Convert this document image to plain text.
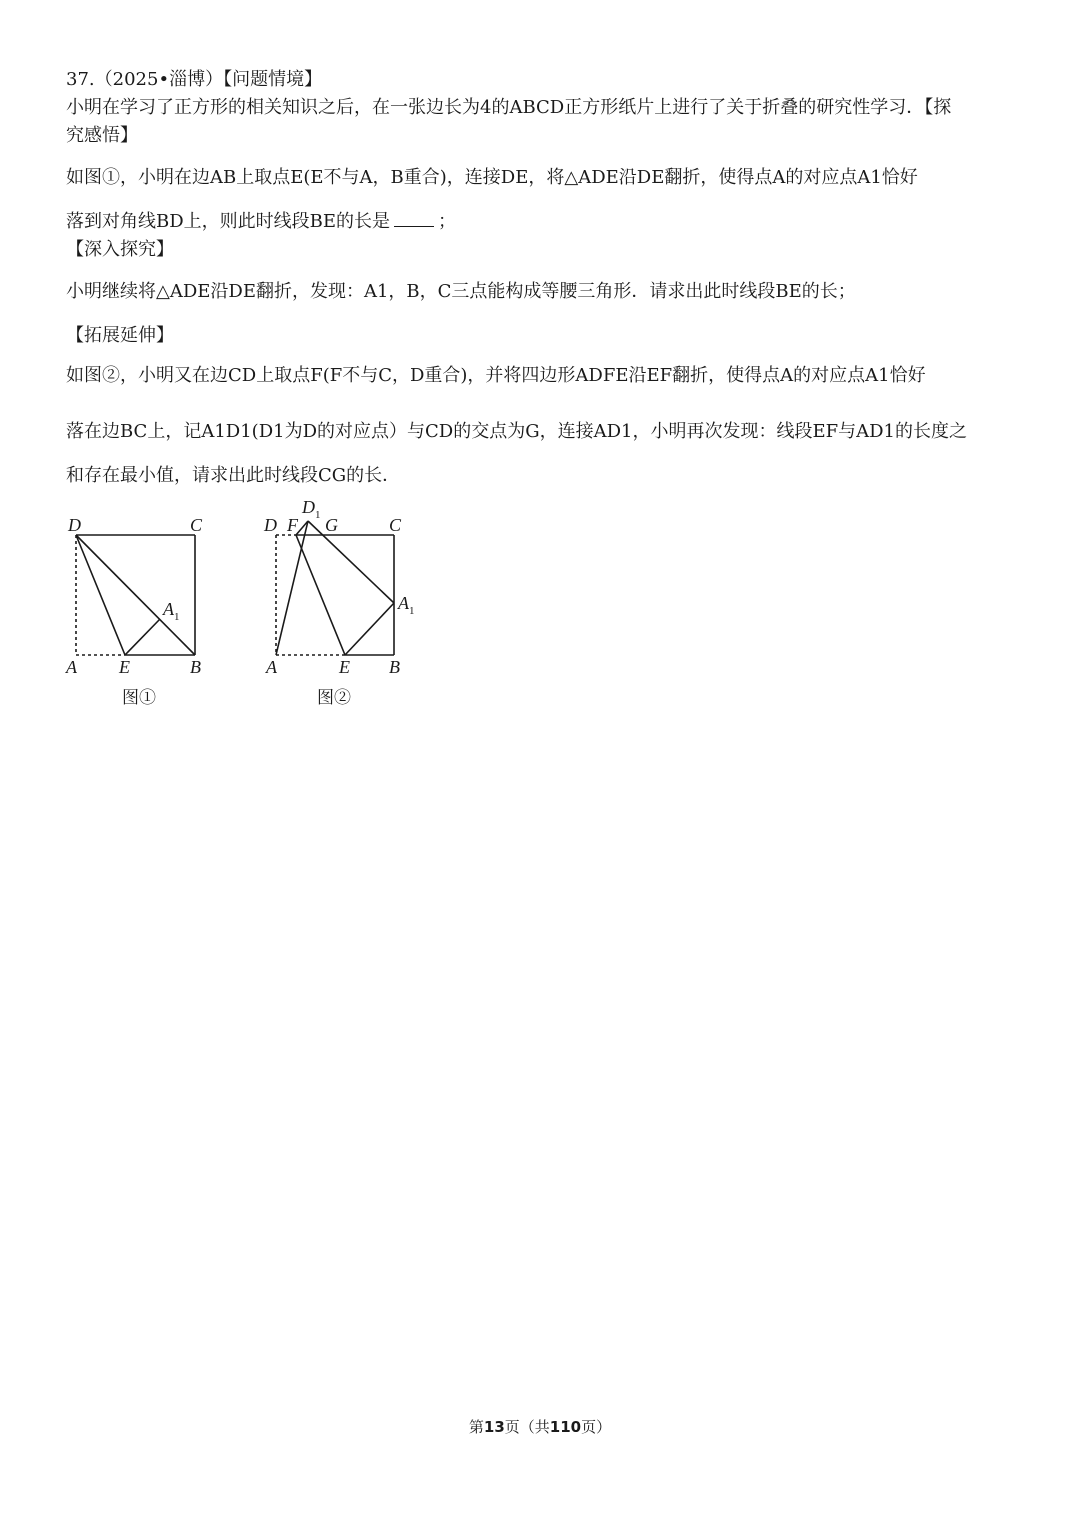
37.（2025•淄博）【问题情境】
小明在学习了正方形的相关知识之后，在一张边长为4的ABCD正方形纸片上进行了关于折叠的研究性学习．【探
究感悟】
如图①，小明在边AB上取点E(E不与A，B重合)，连接DE，将△ADE沿DE翻折，使得点A的对应点A1恰好
落到对角线BD上，则此时线段BE的长是	；
【深入探究】
小明继续将△ADE沿DE翻折，发现：A1，B，C三点能构成等腰三角形．请求出此时线段BE的长；
【拓展延伸】
如图②，小明又在边CD上取点F(F不与C，D重合)，并将四边形ADFE沿EF翻折，使得点A的对应点A1恰好
落在边BC上，记A1D1(D1为D的对应点）与CD的交点为G，连接AD1，小明再次发现：线段EF与AD1的长度之
和存在最小值，请求出此时线段CG的长．
D	C
$A_1$
A E	B
图①
$D_1$
D F G	C
$A_1$
A	E B
图②
第13页（共110页）
